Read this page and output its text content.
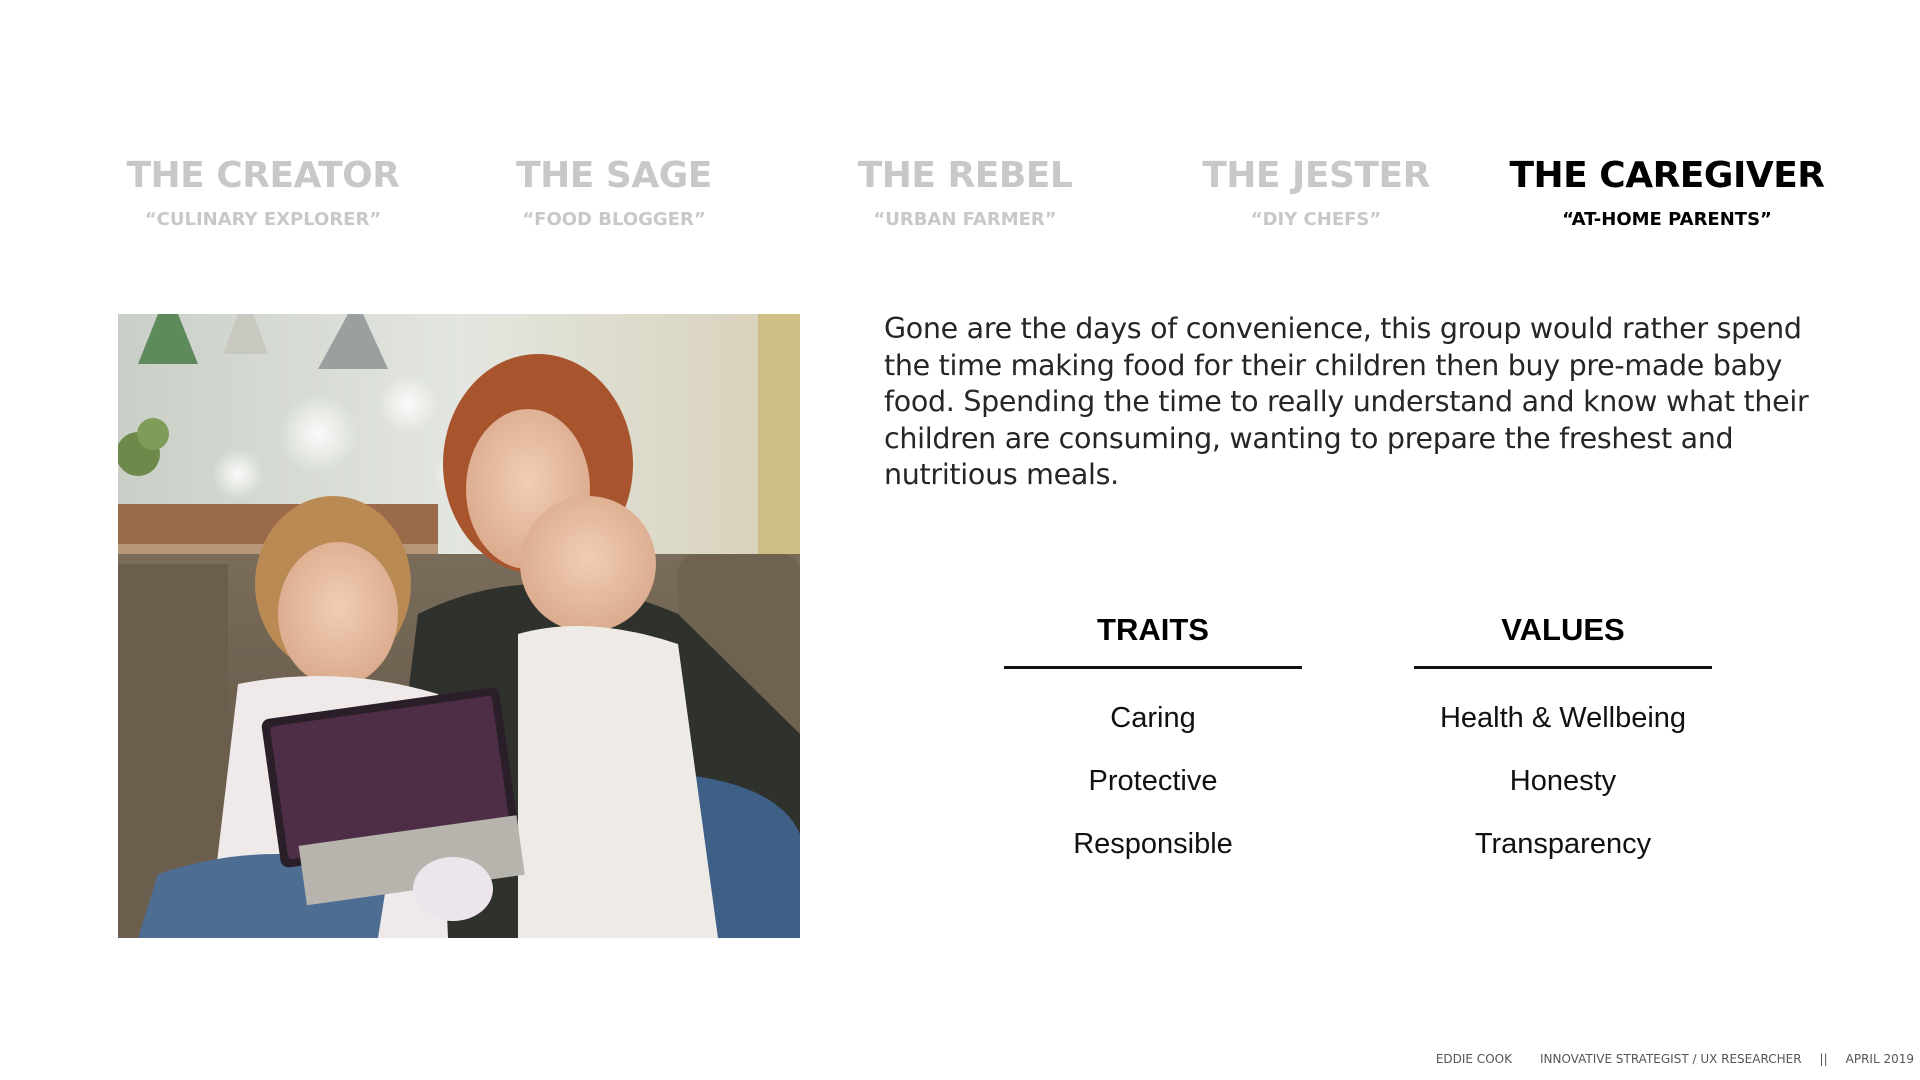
THE CREATOR
“CULINARY EXPLORER”
THE SAGE
“FOOD BLOGGER”
THE REBEL
“URBAN FARMER”
THE JESTER
“DIY CHEFS”
THE CAREGIVER
“AT-HOME PARENTS”

Gone are the days of convenience, this group would rather spend the time making food for their children then buy pre-made baby food. Spending the time to really understand and know what their children are consuming, wanting to prepare the freshest and nutritious meals.

TRAITS
Caring
Protective
Responsible
VALUES
Health & Wellbeing
Honesty
Transparency
EDDIE COOK INNOVATIVE STRATEGIST / UX RESEARCHER || APRIL 2019
